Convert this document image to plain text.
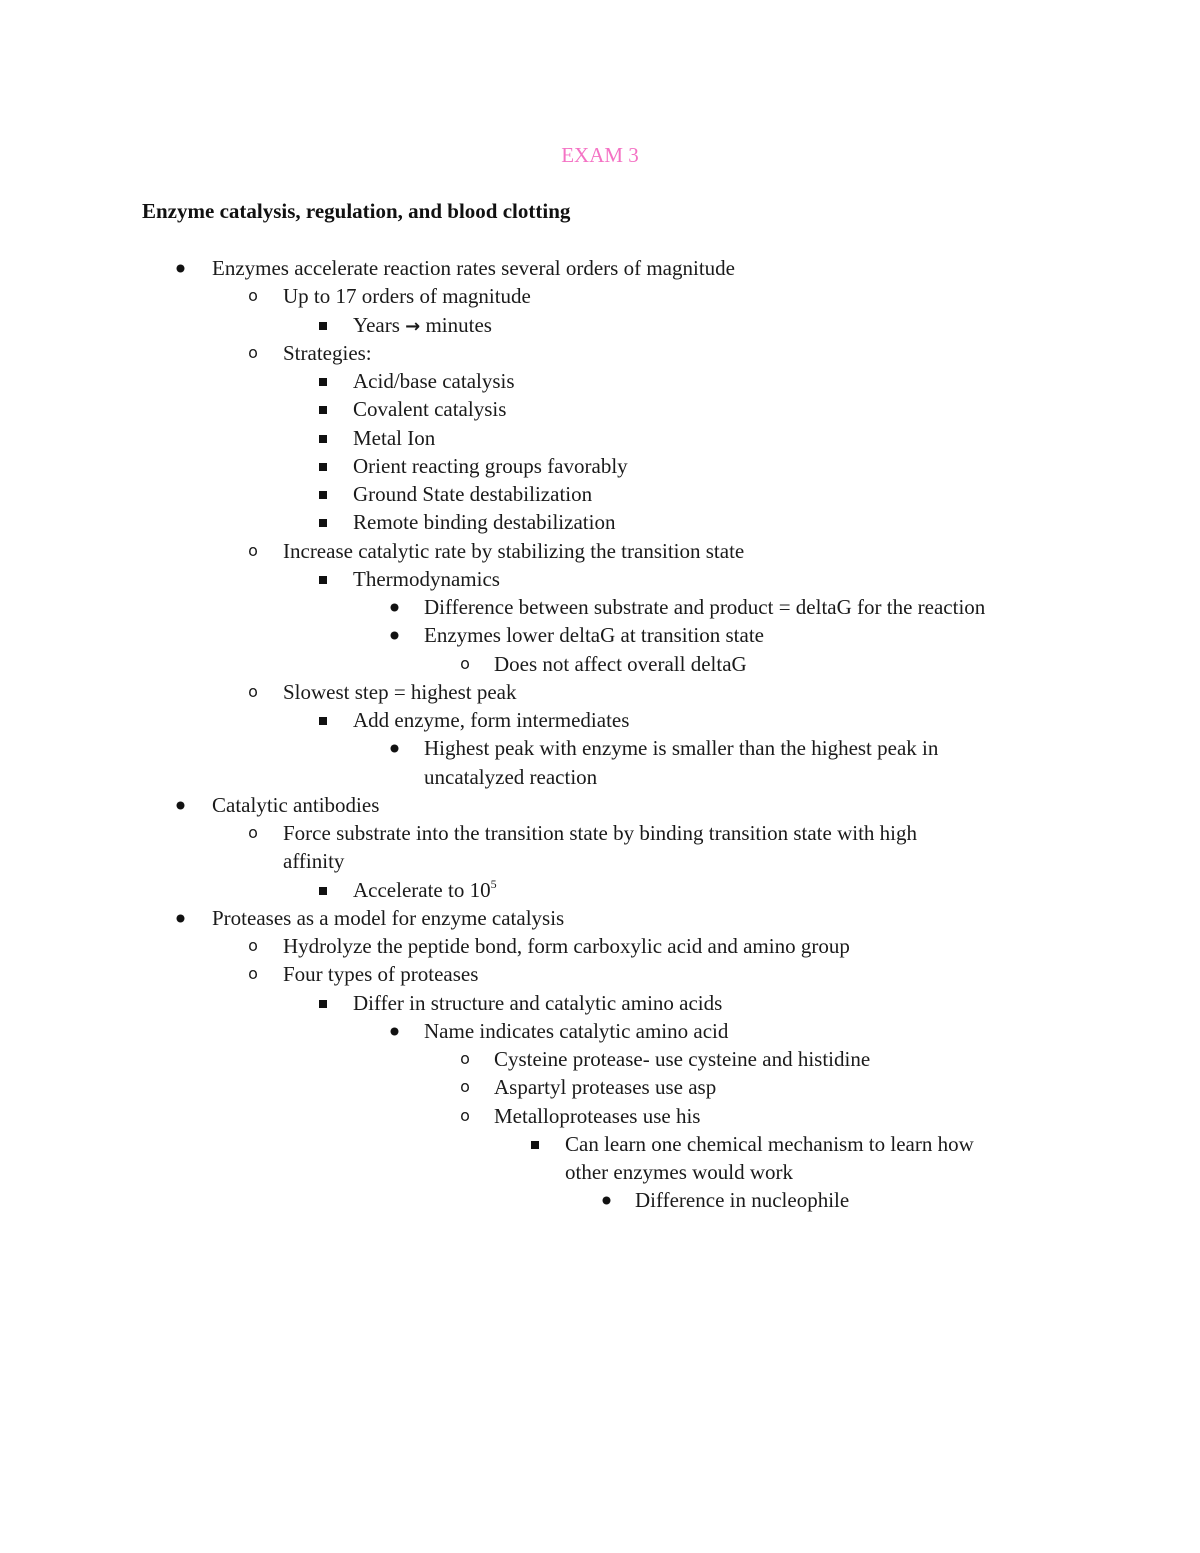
EXAM 3
Enzyme catalysis, regulation, and blood clotting
Enzymes accelerate reaction rates several orders of magnitude
o	Up to 17 orders of magnitude
Years → minutes
o	Strategies:
Acid/base catalysis
Covalent catalysis
Metal Ion
Orient reacting groups favorably
Ground State destabilization
Remote binding destabilization
o	Increase catalytic rate by stabilizing the transition state
Thermodynamics
Difference between substrate and product = deltaG for the reaction
Enzymes lower deltaG at transition state
o	Does not affect overall deltaG
o	Slowest step = highest peak
Add enzyme, form intermediates
Highest peak with enzyme is smaller than the highest peak in
uncatalyzed reaction
Catalytic antibodies
o	Force substrate into the transition state by binding transition state with high
affinity
Accelerate to $10^5$
Proteases as a model for enzyme catalysis
o	Hydrolyze the peptide bond, form carboxylic acid and amino group
o	Four types of proteases
Differ in structure and catalytic amino acids
Name indicates catalytic amino acid
o	Cysteine protease- use cysteine and histidine
o	Aspartyl proteases use asp
o	Metalloproteases use his
Can learn one chemical mechanism to learn how
other enzymes would work
Difference in nucleophile
